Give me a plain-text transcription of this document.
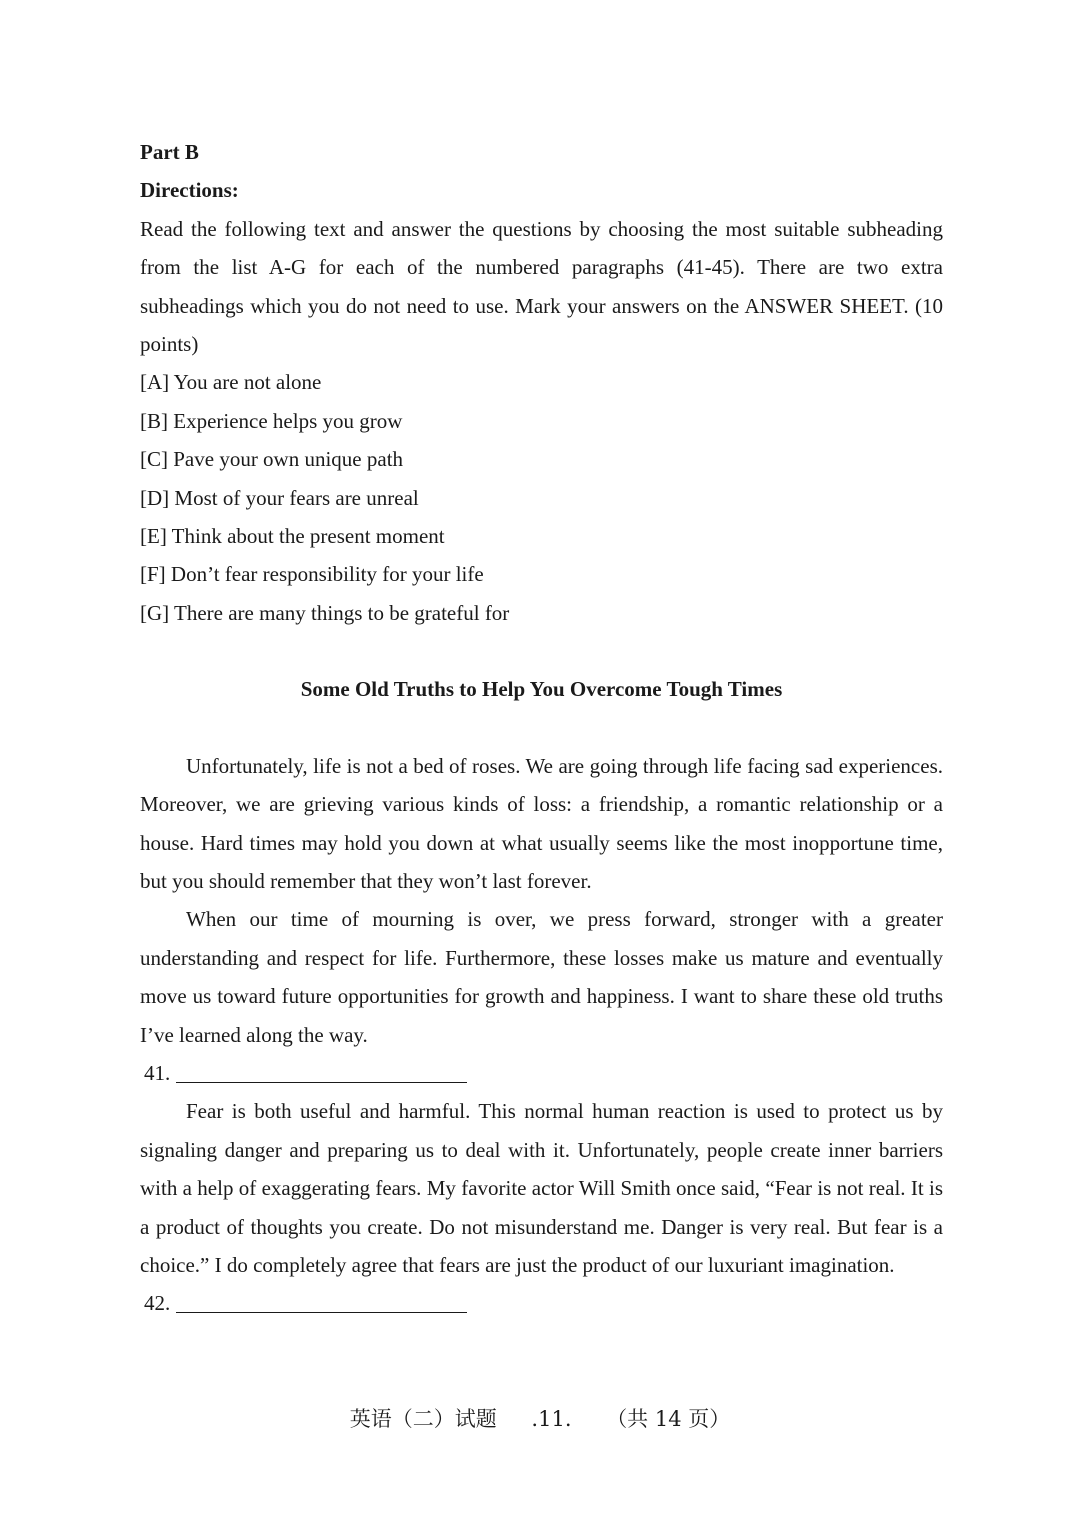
Part B

Directions:

Read the following text and answer the questions by choosing the most suitable subheading from the list A-G for each of the numbered paragraphs (41-45). There are two extra subheadings which you do not need to use. Mark your answers on the ANSWER SHEET. (10 points)

[A] You are not alone
[B] Experience helps you grow
[C] Pave your own unique path
[D] Most of your fears are unreal
[E] Think about the present moment
[F] Don’t fear responsibility for your life
[G] There are many things to be grateful for

Some Old Truths to Help You Overcome Tough Times

Unfortunately, life is not a bed of roses. We are going through life facing sad experiences. Moreover, we are grieving various kinds of loss: a friendship, a romantic relationship or a house. Hard times may hold you down at what usually seems like the most inopportune time, but you should remember that they won’t last forever.

When our time of mourning is over, we press forward, stronger with a greater understanding and respect for life. Furthermore, these losses make us mature and eventually move us toward future opportunities for growth and happiness. I want to share these old truths I’ve learned along the way.

41.

Fear is both useful and harmful. This normal human reaction is used to protect us by signaling danger and preparing us to deal with it. Unfortunately, people create inner barriers with a help of exaggerating fears. My favorite actor Will Smith once said, “Fear is not real. It is a product of thoughts you create. Do not misunderstand me. Danger is very real. But fear is a choice.” I do completely agree that fears are just the product of our luxuriant imagination.

42.

英语（二）试题 .11. （共 14 页）
